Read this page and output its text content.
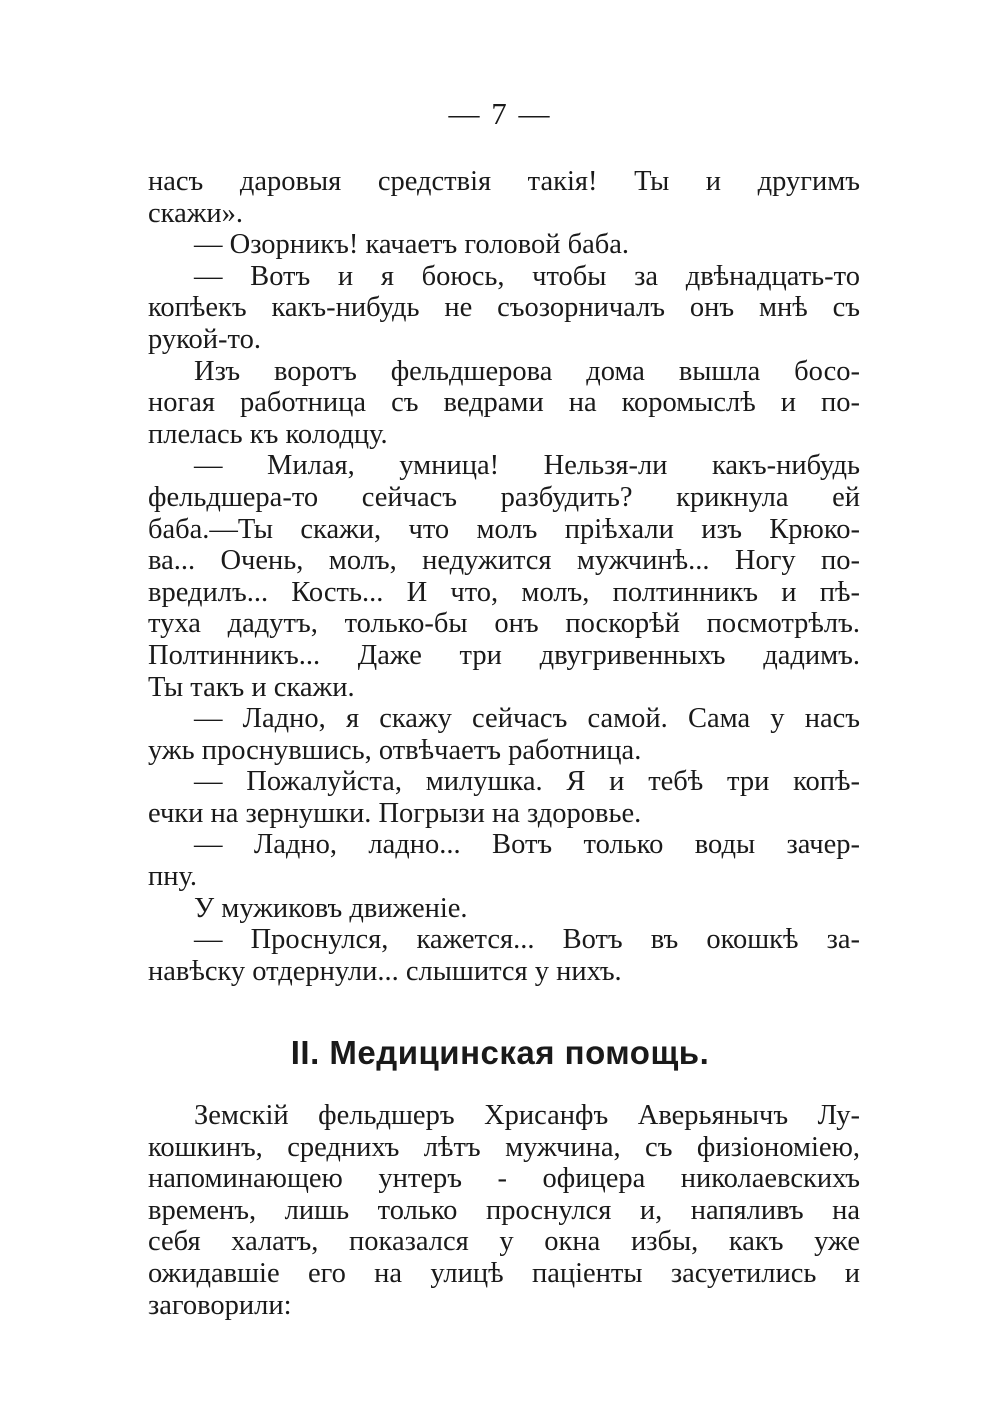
— 7 —
насъ даровыя средствія такія! Ты и другимъ
скажи».
— Озорникъ! качаетъ головой баба.
— Вотъ и я боюсь, чтобы за двѣнадцать-то
копѣекъ какъ-нибудь не съозорничалъ онъ мнѣ съ
рукой-то.
Изъ воротъ фельдшерова дома вышла босо-
ногая работница съ ведрами на коромыслѣ и по-
плелась къ колодцу.
— Милая, умница! Нельзя-ли какъ-нибудь
фельдшера-то сейчасъ разбудить? крикнула ей
баба.—Ты скажи, что молъ пріѣхали изъ Крюко-
ва... Очень, молъ, недужится мужчинѣ... Ногу по-
вредилъ... Кость... И что, молъ, полтинникъ и пѣ-
туха дадутъ, только-бы онъ поскорѣй посмотрѣлъ.
Полтинникъ... Даже три двугривенныхъ дадимъ.
Ты такъ и скажи.
— Ладно, я скажу сейчасъ самой. Сама у насъ
ужь проснувшись, отвѣчаетъ работница.
— Пожалуйста, милушка. Я и тебѣ три копѣ-
ечки на зернушки. Погрызи на здоровье.
— Ладно, ладно... Вотъ только воды зачер-
пну.
У мужиковъ движеніе.
— Проснулся, кажется... Вотъ въ окошкѣ за-
навѣску отдернули... слышится у нихъ.
II. Медицинская помощь.
Земскій фельдшеръ Хрисанфъ Аверьянычъ Лу-
кошкинъ, среднихъ лѣтъ мужчина, съ физіономіею,
напоминающею унтеръ - офицера николаевскихъ
временъ, лишь только проснулся и, напяливъ на
себя халатъ, показался у окна избы, какъ уже
ожидавшіе его на улицѣ паціенты засуетились и
заговорили:
